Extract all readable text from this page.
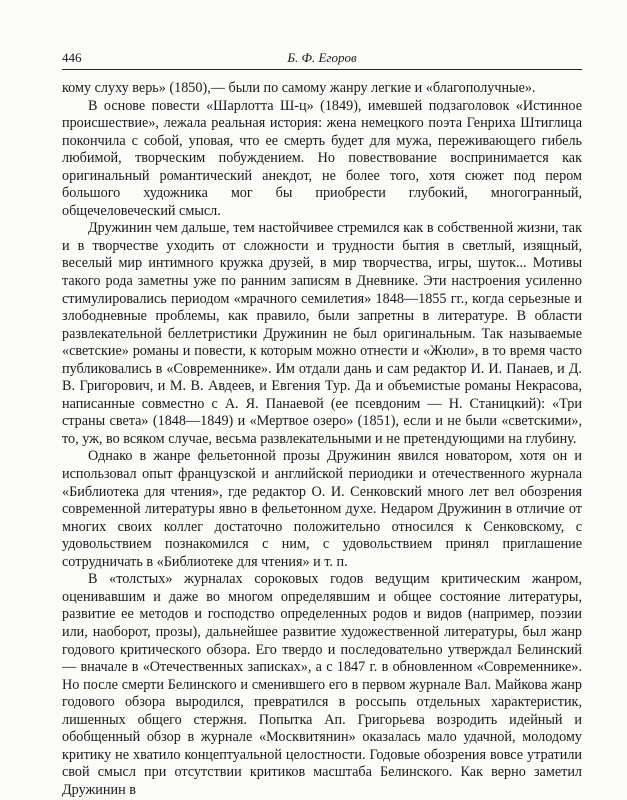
446	Б. Ф. Егоров

кому слуху верь» (1850),— были по самому жанру легкие и «благополучные».

В основе повести «Шарлотта Ш-ц» (1849), имевшей подзаголовок «Истинное происшествие», лежала реальная история: жена немецкого поэта Генриха Штиглица покончила с собой, уповая, что ее смерть будет для мужа, переживающего гибель любимой, творческим побуждением. Но повествование воспринимается как оригинальный романтический анекдот, не более того, хотя сюжет под пером большого художника мог бы приобрести глубокий, многогранный, общечеловеческий смысл.

Дружинин чем дальше, тем настойчивее стремился как в собственной жизни, так и в творчестве уходить от сложности и трудности бытия в светлый, изящный, веселый мир интимного кружка друзей, в мир творчества, игры, шуток... Мотивы такого рода заметны уже по ранним записям в Дневнике. Эти настроения усиленно стимулировались периодом «мрачного семилетия» 1848—1855 гг., когда серьезные и злободневные проблемы, как правило, были запретны в литературе. В области развлекательной беллетристики Дружинин не был оригинальным. Так называемые «светские» романы и повести, к которым можно отнести и «Жюли», в то время часто публиковались в «Современнике». Им отдали дань и сам редактор И. И. Панаев, и Д. В. Григорович, и М. В. Авдеев, и Евгения Тур. Да и объемистые романы Некрасова, написанные совместно с А. Я. Панаевой (ее псевдоним — Н. Станицкий): «Три страны света» (1848—1849) и «Мертвое озеро» (1851), если и не были «светскими», то, уж, во всяком случае, весьма развлекательными и не претендующими на глубину.

Однако в жанре фельетонной прозы Дружинин явился новатором, хотя он и использовал опыт французской и английской периодики и отечественного журнала «Библиотека для чтения», где редактор О. И. Сенковский много лет вел обозрения современной литературы явно в фельетонном духе. Недаром Дружинин в отличие от многих своих коллег достаточно положительно относился к Сенковскому, с удовольствием познакомился с ним, с удовольствием принял приглашение сотрудничать в «Библиотеке для чтения» и т. п.

В «толстых» журналах сороковых годов ведущим критическим жанром, оценивавшим и даже во многом определявшим и общее состояние литературы, развитие ее методов и господство определенных родов и видов (например, поэзии или, наоборот, прозы), дальнейшее развитие художественной литературы, был жанр годового критического обзора. Его твердо и последовательно утверждал Белинский — вначале в «Отечественных записках», а с 1847 г. в обновленном «Современнике». Но после смерти Белинского и сменившего его в первом журнале Вал. Майкова жанр годового обзора выродился, превратился в россыпь отдельных характеристик, лишенных общего стержня. Попытка Ап. Григорьева возродить идейный и обобщенный обзор в журнале «Москвитянин» оказалась мало удачной, молодому критику не хватило концептуальной целостности. Годовые обозрения вовсе утратили свой смысл при отсутствии критиков масштаба Белинского. Как верно заметил Дружинин в
